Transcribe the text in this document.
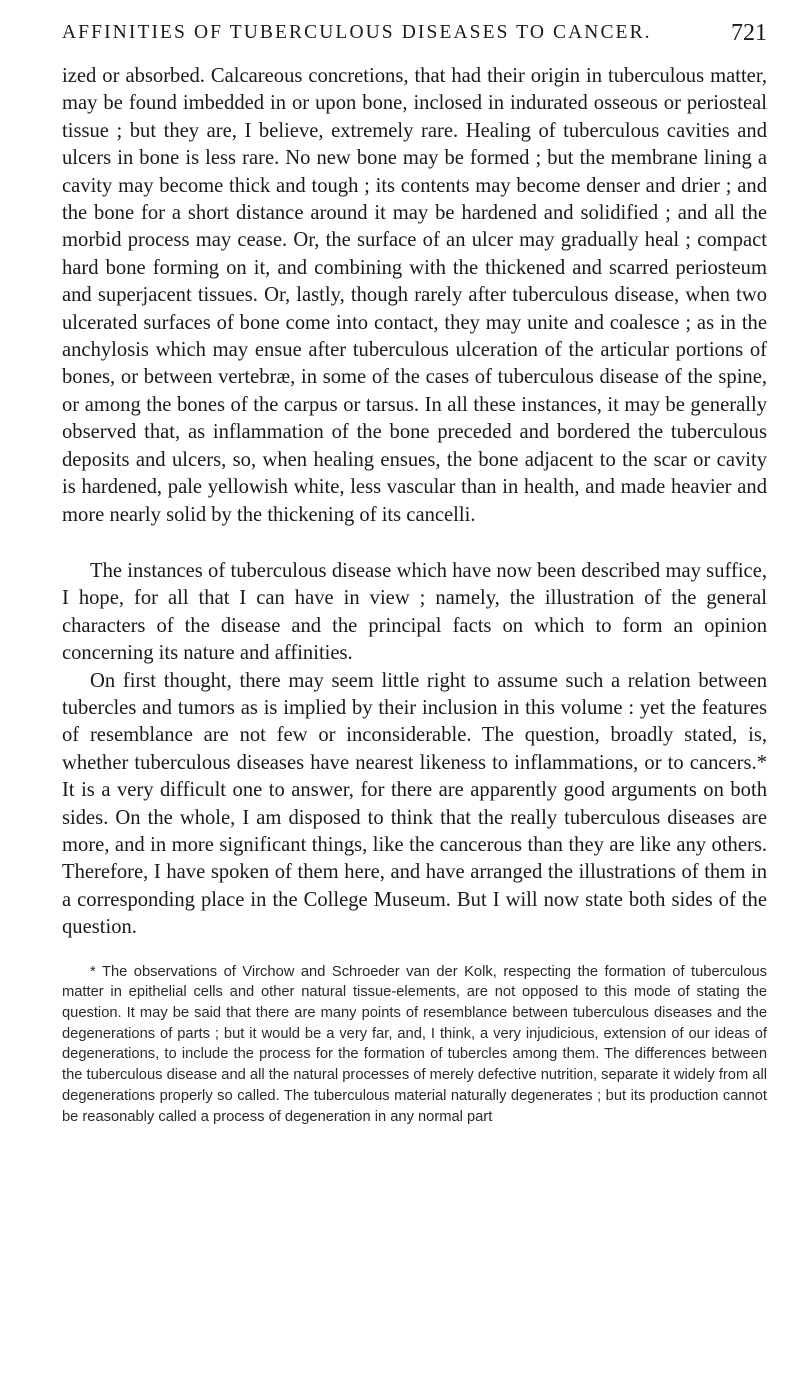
AFFINITIES OF TUBERCULOUS DISEASES TO CANCER.	721

ized or absorbed. Calcareous concretions, that had their origin in tuberculous matter, may be found imbedded in or upon bone, inclosed in indurated osseous or periosteal tissue ; but they are, I believe, extremely rare. Healing of tuberculous cavities and ulcers in bone is less rare. No new bone may be formed ; but the membrane lining a cavity may become thick and tough ; its contents may become denser and drier ; and the bone for a short distance around it may be hardened and solidified ; and all the morbid process may cease. Or, the surface of an ulcer may gradually heal ; compact hard bone forming on it, and combining with the thickened and scarred periosteum and superjacent tissues. Or, lastly, though rarely after tuberculous disease, when two ulcerated surfaces of bone come into contact, they may unite and coalesce ; as in the anchylosis which may ensue after tuberculous ulceration of the articular portions of bones, or between vertebræ, in some of the cases of tuberculous disease of the spine, or among the bones of the carpus or tarsus. In all these instances, it may be generally observed that, as inflammation of the bone preceded and bordered the tuberculous deposits and ulcers, so, when healing ensues, the bone adjacent to the scar or cavity is hardened, pale yellowish white, less vascular than in health, and made heavier and more nearly solid by the thickening of its cancelli.

The instances of tuberculous disease which have now been described may suffice, I hope, for all that I can have in view ; namely, the illustration of the general characters of the disease and the principal facts on which to form an opinion concerning its nature and affinities.

On first thought, there may seem little right to assume such a relation between tubercles and tumors as is implied by their inclusion in this volume : yet the features of resemblance are not few or inconsiderable. The question, broadly stated, is, whether tuberculous diseases have nearest likeness to inflammations, or to cancers.* It is a very difficult one to answer, for there are apparently good arguments on both sides. On the whole, I am disposed to think that the really tuberculous diseases are more, and in more significant things, like the cancerous than they are like any others. Therefore, I have spoken of them here, and have arranged the illustrations of them in a corresponding place in the College Museum. But I will now state both sides of the question.

* The observations of Virchow and Schroeder van der Kolk, respecting the formation of tuberculous matter in epithelial cells and other natural tissue-elements, are not opposed to this mode of stating the question. It may be said that there are many points of resemblance between tuberculous diseases and the degenerations of parts ; but it would be a very far, and, I think, a very injudicious, extension of our ideas of degenerations, to include the process for the formation of tubercles among them. The differences between the tuberculous disease and all the natural processes of merely defective nutrition, separate it widely from all degenerations properly so called. The tuberculous material naturally degenerates ; but its production cannot be reasonably called a process of degeneration in any normal part
